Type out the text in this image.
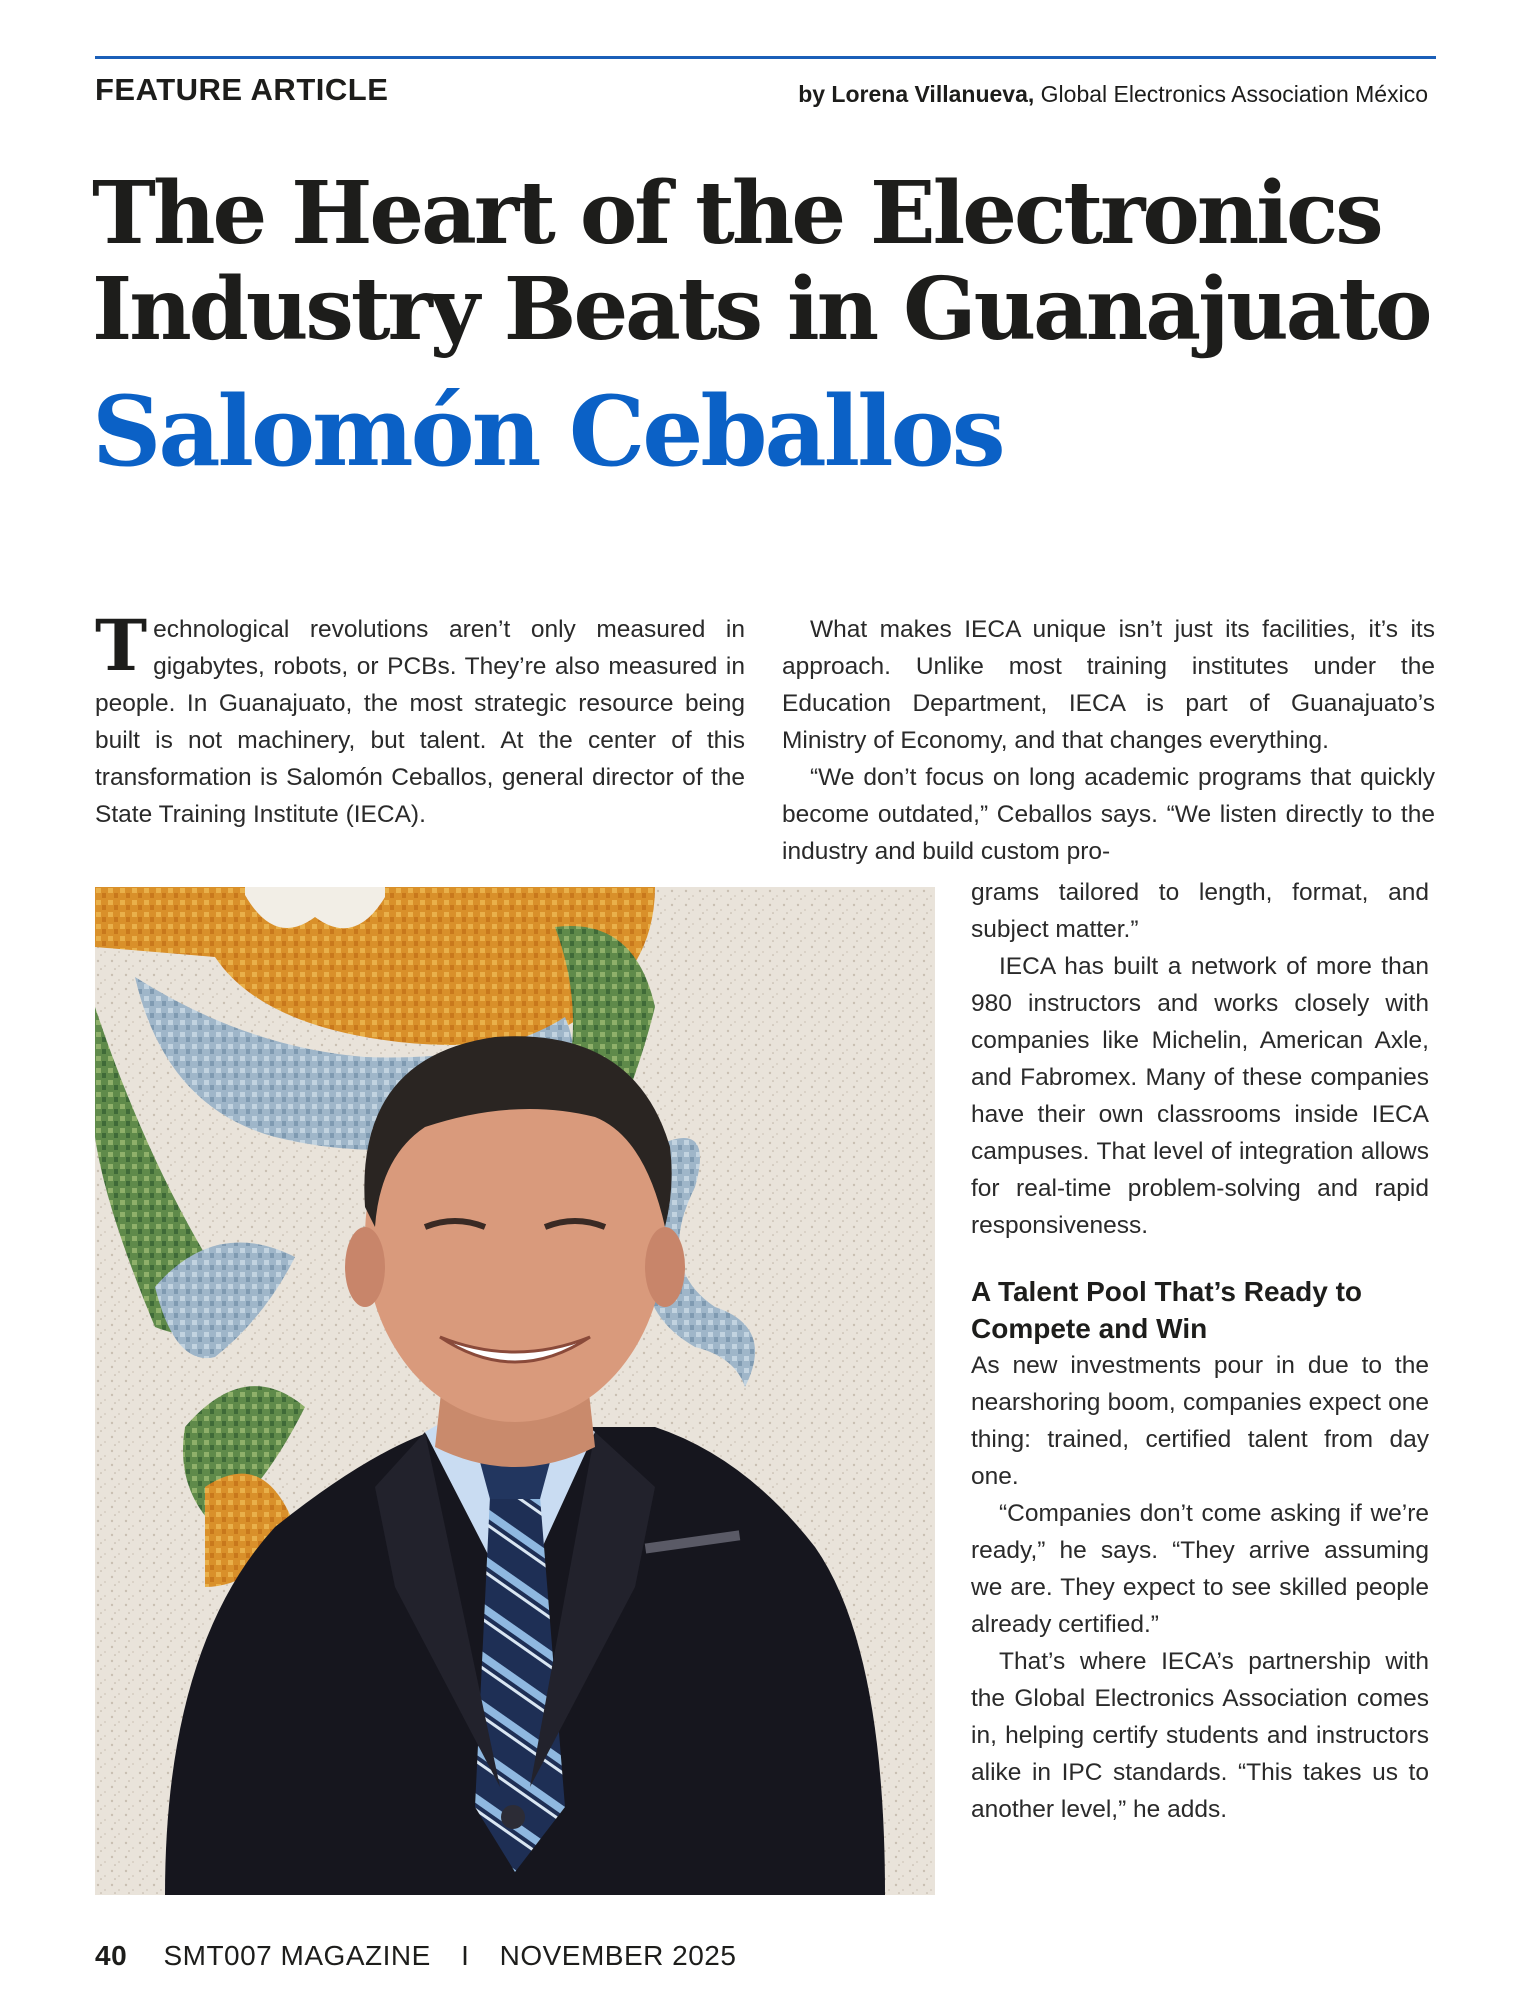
FEATURE ARTICLE	by Lorena Villanueva, Global Electronics Association México
The Heart of the Electronics
Industry Beats in Guanajuato
Salomón Ceballos

Technological revolutions aren’t only measured in gigabytes, robots, or PCBs. They’re also measured in people. In Guanajuato, the most strategic resource being built is not machinery, but talent. At the center of this transformation is Salomón Ceballos, general director of the State Training Institute (IECA).

What makes IECA unique isn’t just its facilities, it’s its approach. Unlike most training institutes under the Education Department, IECA is part of Guanajuato’s Ministry of Economy, and that changes everything.

“We don’t focus on long academic programs that quickly become outdated,” Ceballos says. “We listen directly to the industry and build custom pro-

grams tailored to length, format, and subject matter.”

IECA has built a network of more than 980 instructors and works closely with companies like Michelin, American Axle, and Fabromex. Many of these companies have their own classrooms inside IECA campuses. That level of integration allows for real-time problem-solving and rapid responsiveness.

A Talent Pool That’s Ready to Compete and Win

As new investments pour in due to the nearshoring boom, companies expect one thing: trained, certified talent from day one.

“Companies don’t come asking if we’re ready,” he says. “They arrive assuming we are. They expect to see skilled people already certified.”

That’s where IECA’s partnership with the Global Electronics Association comes in, helping certify students and instructors alike in IPC standards. “This takes us to another level,” he adds.

40 SMT007 MAGAZINE I NOVEMBER 2025
